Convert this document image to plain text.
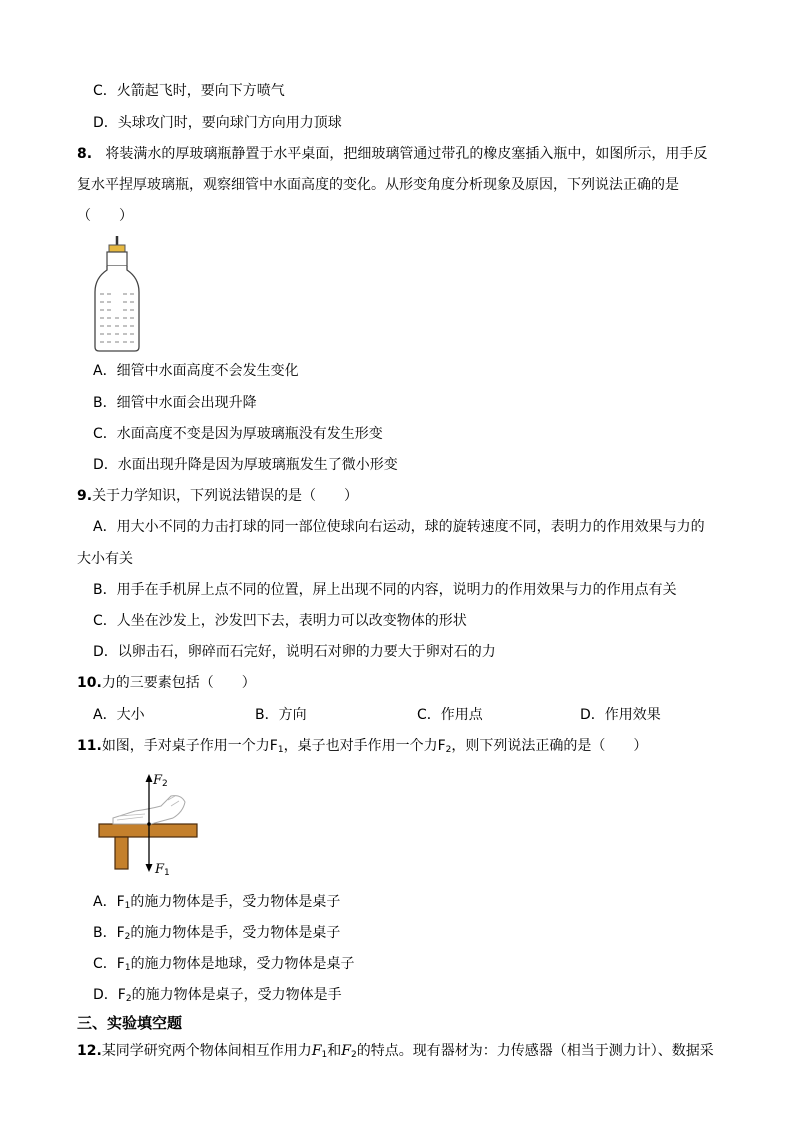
C．火箭起飞时，要向下方喷气
D．头球攻门时，要向球门方向用力顶球
8. 将装满水的厚玻璃瓶静置于水平桌面，把细玻璃管通过带孔的橡皮塞插入瓶中，如图所示，用手反
复水平捏厚玻璃瓶，观察细管中水面高度的变化。从形变角度分析现象及原因，下列说法正确的是
（　　）
A．细管中水面高度不会发生变化
B．细管中水面会出现升降
C．水面高度不变是因为厚玻璃瓶没有发生形变
D．水面出现升降是因为厚玻璃瓶发生了微小形变
9.关于力学知识，下列说法错误的是（　　）
A．用大小不同的力击打球的同一部位使球向右运动，球的旋转速度不同，表明力的作用效果与力的
大小有关
B．用手在手机屏上点不同的位置，屏上出现不同的内容，说明力的作用效果与力的作用点有关
C．人坐在沙发上，沙发凹下去，表明力可以改变物体的形状
D．以卵击石，卵碎而石完好，说明石对卵的力要大于卵对石的力
10.力的三要素包括（　　）
A．大小	B．方向	C．作用点	D．作用效果
11.如图，手对桌子作用一个力$F_1$，桌子也对手作用一个力$F_2$，则下列说法正确的是（　　）
$F_2$
$F_1$
A．$F_1$的施力物体是手，受力物体是桌子
B．$F_2$的施力物体是手，受力物体是桌子
C．$F_1$的施力物体是地球，受力物体是桌子
D．$F_2$的施力物体是桌子，受力物体是手
三、实验填空题
12.某同学研究两个物体间相互作用力$F_1$和$F_2$的特点。现有器材为：力传感器（相当于测力计）、数据采
